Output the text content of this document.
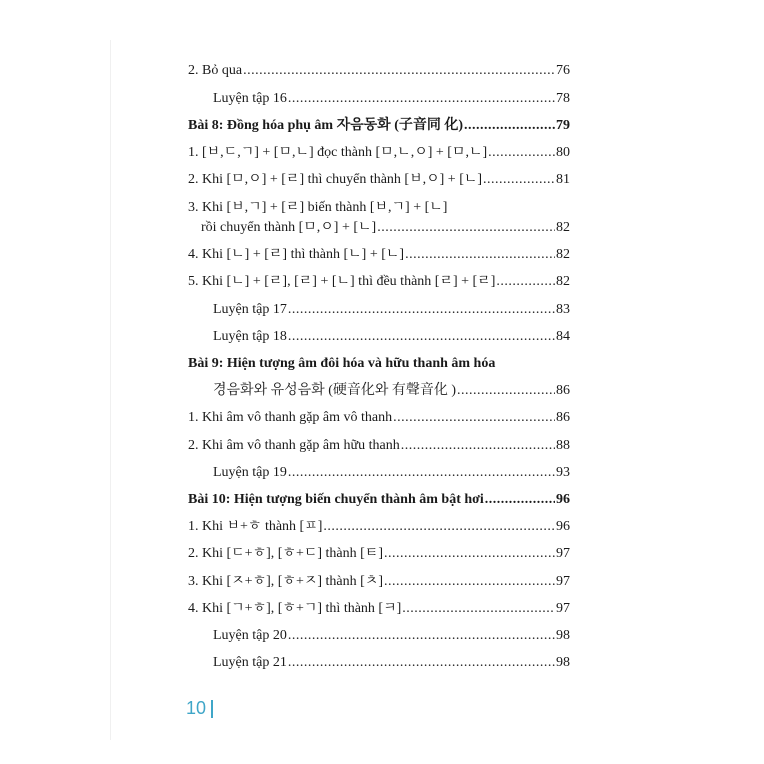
2. Bỏ qua .....	76
Luyện tập 16 .....	78
Bài 8: Đồng hóa phụ âm 자음동화 (子音同 化) .....	79
1. [ㅂ,ㄷ,ㄱ] + [ㅁ,ㄴ] đọc thành [ㅁ,ㄴ,ㅇ] + [ㅁ,ㄴ] .....	80
2. Khi [ㅁ,ㅇ] + [ㄹ] thì chuyển thành [ㅂ,ㅇ] + [ㄴ] .....	81
3. Khi [ㅂ,ㄱ] + [ㄹ] biến thành [ㅂ,ㄱ] + [ㄴ]
rồi chuyển thành [ㅁ,ㅇ] + [ㄴ] .....	82
4. Khi [ㄴ] + [ㄹ] thì thành [ㄴ] + [ㄴ] .....	82
5. Khi [ㄴ] + [ㄹ], [ㄹ] + [ㄴ] thì đều thành [ㄹ] + [ㄹ] .....	82
Luyện tập 17 .....	83
Luyện tập 18 .....	84
Bài 9: Hiện tượng âm đôi hóa và hữu thanh âm hóa
경음화와 유성음화 (硬音化와 有聲音化 ) .....	86
1. Khi âm vô thanh gặp âm vô thanh .....	86
2. Khi âm vô thanh gặp âm hữu thanh .....	88
Luyện tập 19 .....	93
Bài 10: Hiện tượng biến chuyển thành âm bật hơi .....	96
1. Khi ㅂ+ㅎ thành [ㅍ] .....	96
2. Khi [ㄷ+ㅎ], [ㅎ+ㄷ] thành [ㅌ] .....	97
3. Khi [ㅈ+ㅎ], [ㅎ+ㅈ] thành [ㅊ] .....	97
4. Khi [ㄱ+ㅎ], [ㅎ+ㄱ] thì thành [ㅋ] .....	97
Luyện tập 20 .....	98
Luyện tập 21 .....	98
10
